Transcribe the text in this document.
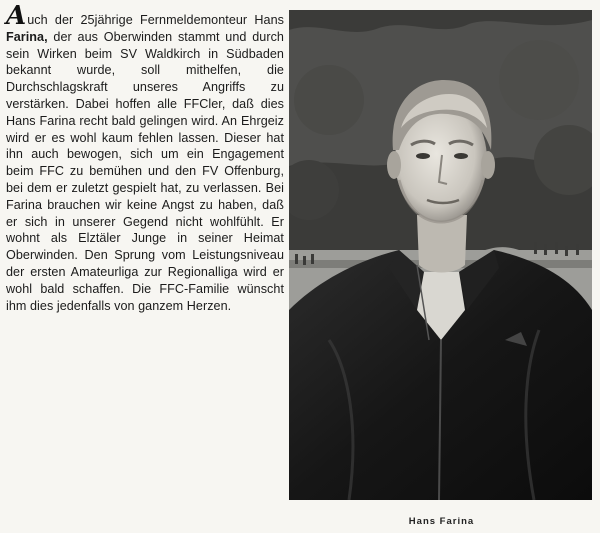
Auch der 25jährige Fernmeldemonteur Hans Farina, der aus Oberwinden stammt und durch sein Wirken beim SV Waldkirch in Südbaden bekannt wurde, soll mithelfen, die Durchschlagskraft unseres Angriffs zu verstärken. Dabei hoffen alle FFCler, daß dies Hans Farina recht bald gelingen wird. An Ehrgeiz wird er es wohl kaum fehlen lassen. Dieser hat ihn auch bewogen, sich um ein Engagement beim FFC zu bemühen und den FV Offenburg, bei dem er zuletzt gespielt hat, zu verlassen. Bei Farina brauchen wir keine Angst zu haben, daß er sich in unserer Gegend nicht wohlfühlt. Er wohnt als Elztäler Junge in seiner Heimat Oberwinden. Den Sprung vom Leistungsniveau der ersten Amateurliga zur Regionalliga wird er wohl bald schaffen. Die FFC-Familie wünscht ihm dies jedenfalls von ganzem Herzen.

Hans Farina
